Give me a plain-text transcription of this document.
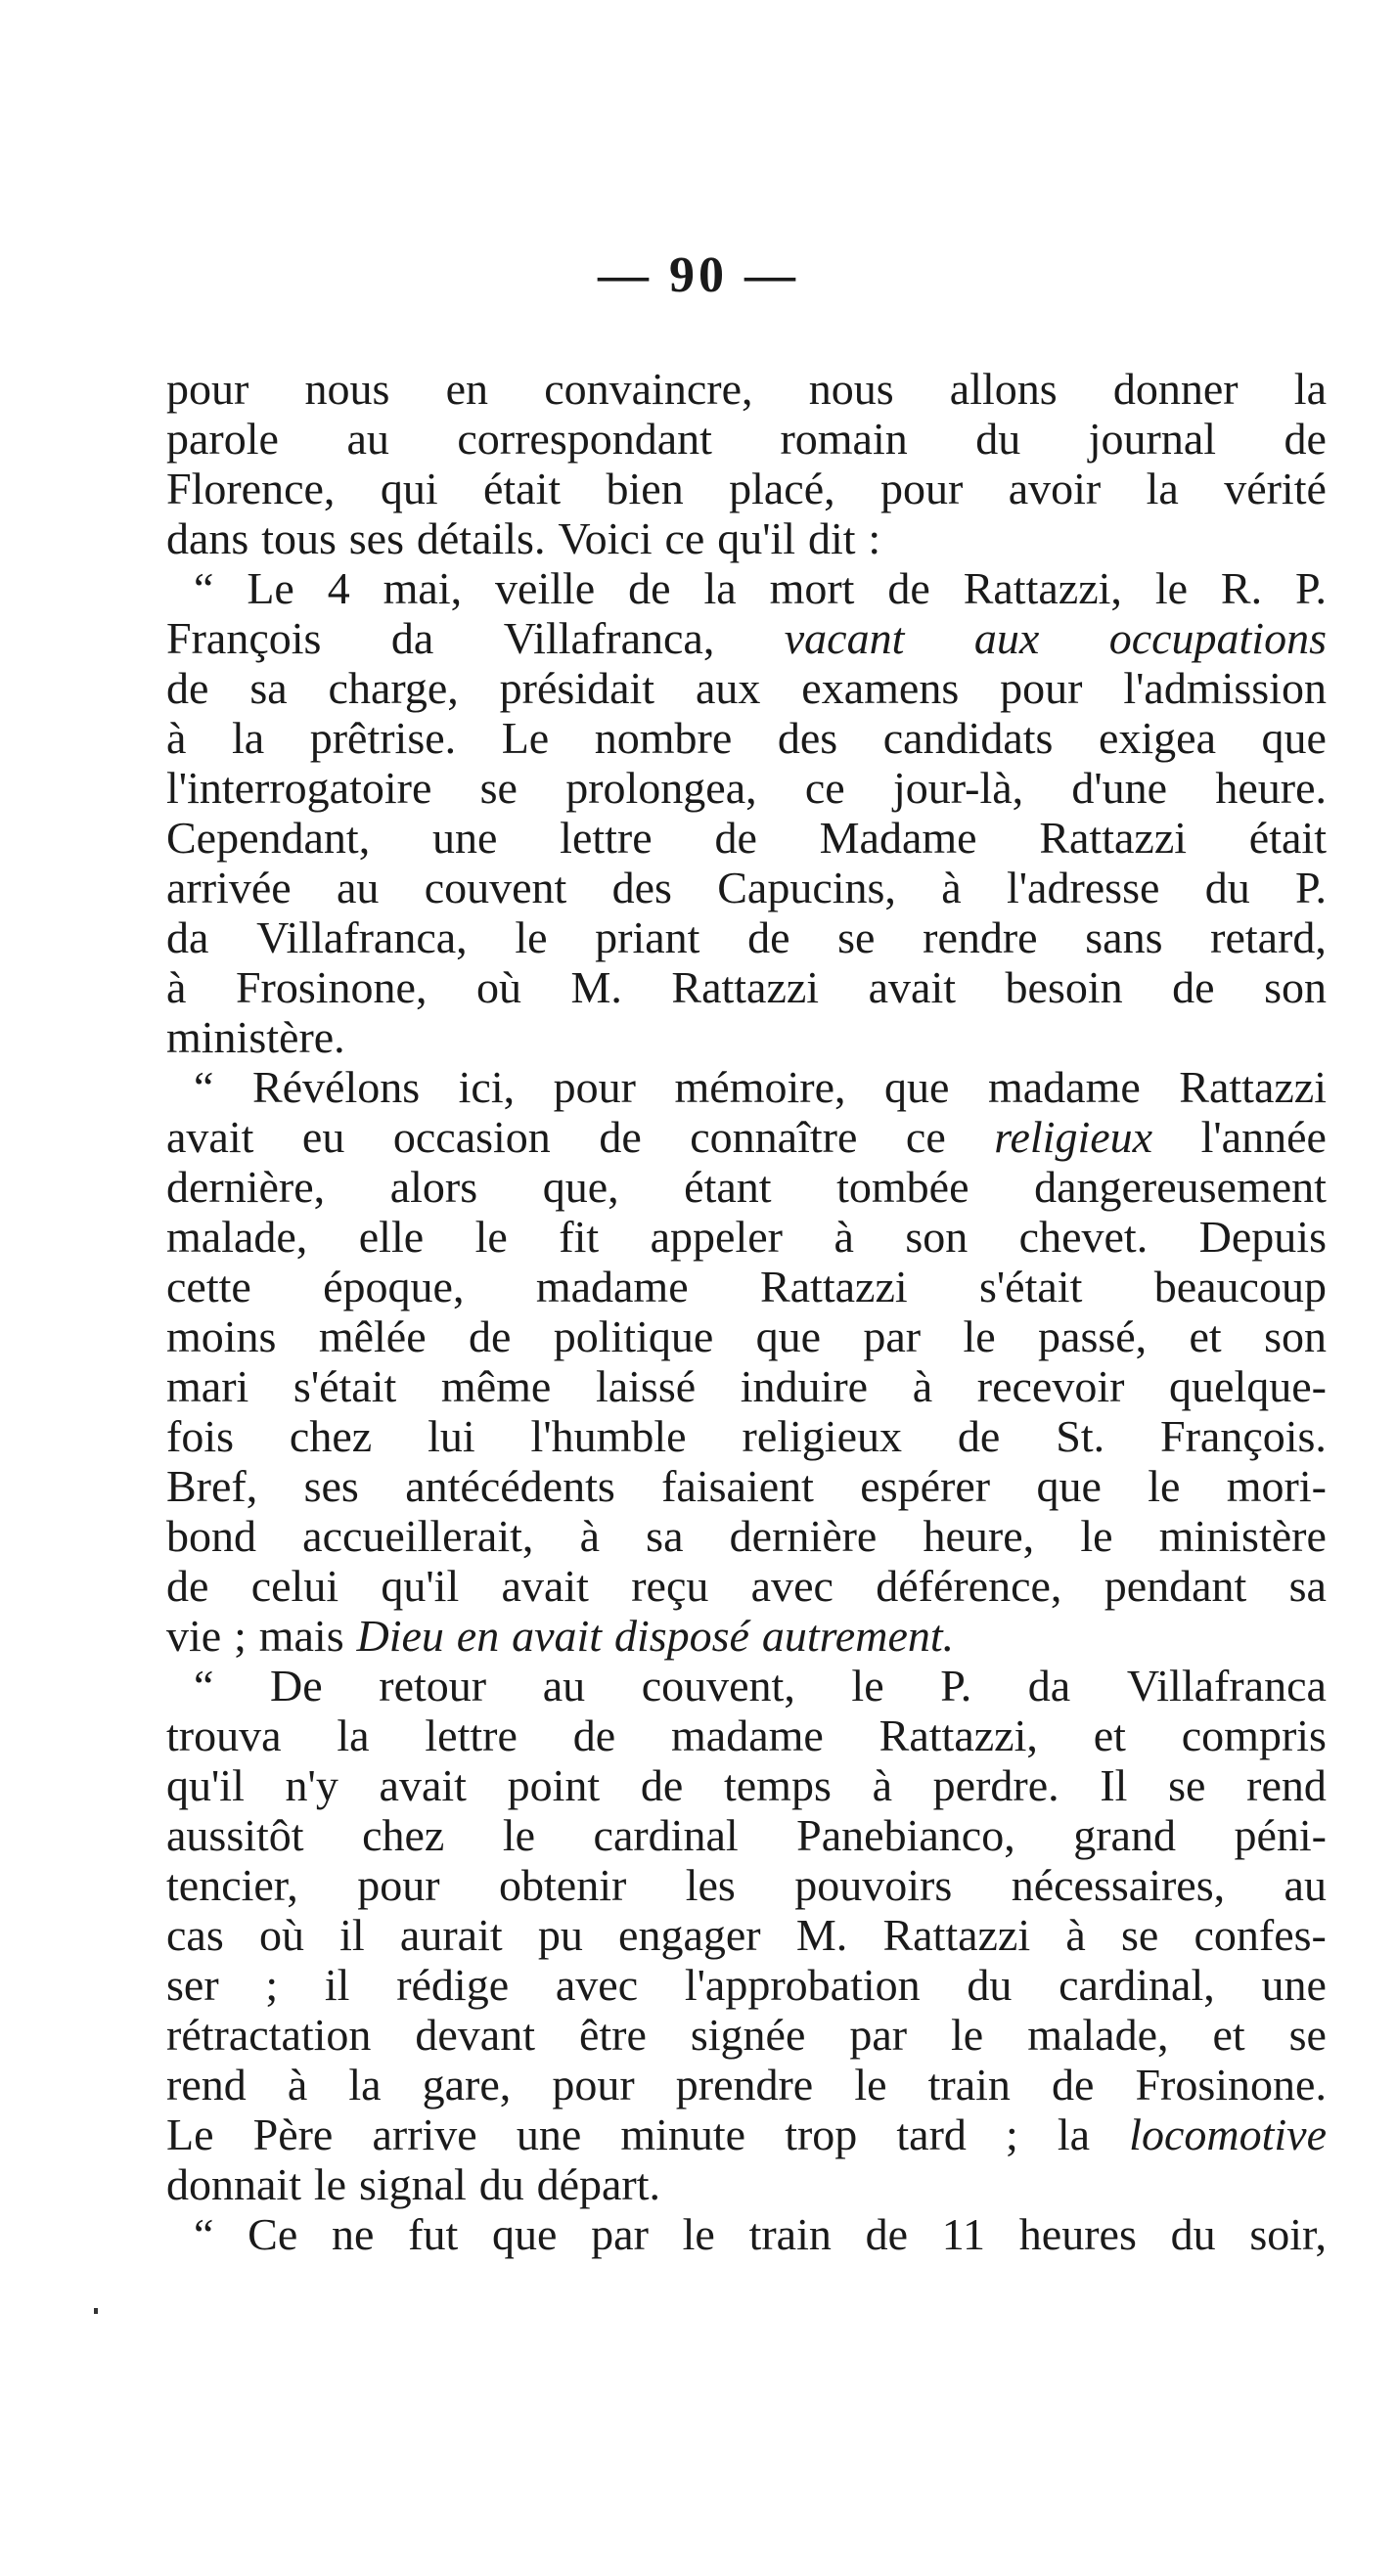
— 90 —
pour nous en convaincre, nous allons donner la
parole au correspondant romain du journal de
Florence, qui était bien placé, pour avoir la vérité
dans tous ses détails. Voici ce qu'il dit :
“ Le 4 mai, veille de la mort de Rattazzi, le R. P.
François da Villafranca, vacant aux occupations
de sa charge, présidait aux examens pour l'admission
à la prêtrise. Le nombre des candidats exigea que
l'interrogatoire se prolongea, ce jour-là, d'une heure.
Cependant, une lettre de Madame Rattazzi était
arrivée au couvent des Capucins, à l'adresse du P.
da Villafranca, le priant de se rendre sans retard,
à Frosinone, où M. Rattazzi avait besoin de son
ministère.
“ Révélons ici, pour mémoire, que madame Rattazzi
avait eu occasion de connaître ce religieux l'année
dernière, alors que, étant tombée dangereusement
malade, elle le fit appeler à son chevet. Depuis
cette époque, madame Rattazzi s'était beaucoup
moins mêlée de politique que par le passé, et son
mari s'était même laissé induire à recevoir quelque-
fois chez lui l'humble religieux de St. François.
Bref, ses antécédents faisaient espérer que le mori-
bond accueillerait, à sa dernière heure, le ministère
de celui qu'il avait reçu avec déférence, pendant sa
vie ; mais Dieu en avait disposé autrement.
“ De retour au couvent, le P. da Villafranca
trouva la lettre de madame Rattazzi, et compris
qu'il n'y avait point de temps à perdre. Il se rend
aussitôt chez le cardinal Panebianco, grand péni-
tencier, pour obtenir les pouvoirs nécessaires, au
cas où il aurait pu engager M. Rattazzi à se confes-
ser ; il rédige avec l'approbation du cardinal, une
rétractation devant être signée par le malade, et se
rend à la gare, pour prendre le train de Frosinone.
Le Père arrive une minute trop tard ; la locomotive
donnait le signal du départ.
“ Ce ne fut que par le train de 11 heures du soir,
